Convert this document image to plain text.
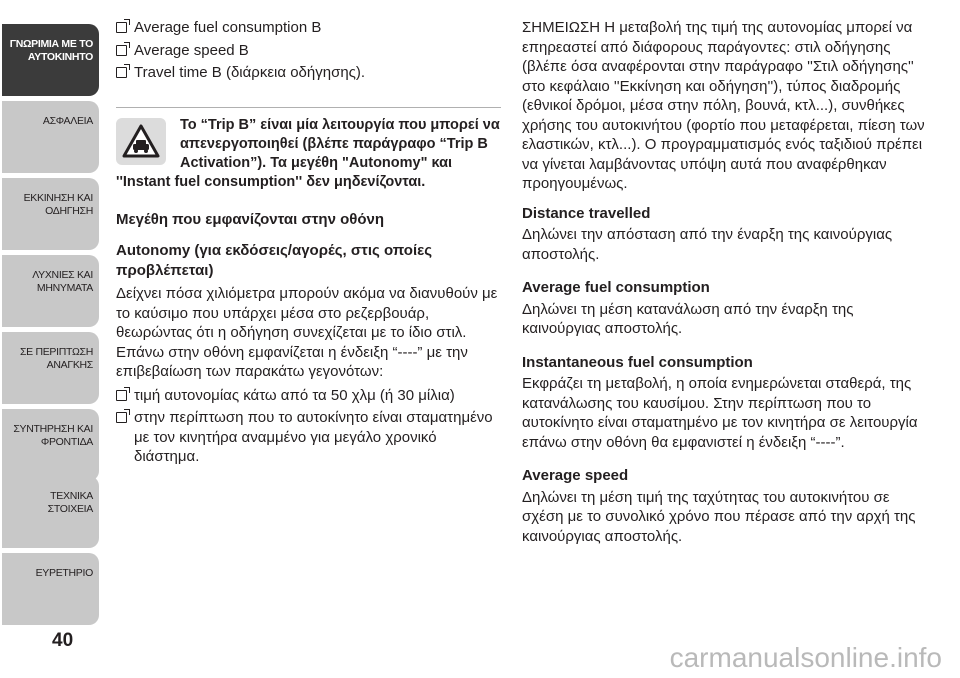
ΓΝΩΡΙΜΙΑ ΜΕ ΤΟ ΑΥΤΟΚΙΝΗΤΟ
ΑΣΦΑΛΕΙΑ
ΕΚΚΙΝΗΣΗ ΚΑΙ ΟΔΗΓΗΣΗ
ΛΥΧΝΙΕΣ ΚΑΙ ΜΗΝΥΜΑΤΑ
ΣΕ ΠΕΡΙΠΤΩΣΗ ΑΝΑΓΚΗΣ
ΣΥΝΤΗΡΗΣΗ ΚΑΙ ΦΡΟΝΤΙΔΑ
ΤΕΧΝΙΚΑ ΣΤΟΙΧΕΙΑ
ΕΥΡΕΤΗΡΙΟ
40
Average fuel consumption B
Average speed B
Travel time B (διάρκεια οδήγησης).
Το “Trip B” είναι μία λειτουργία που μπορεί να απενεργοποιηθεί (βλέπε παράγραφο “Trip B Activation”). Τα μεγέθη "Autonomy" και ''Instant fuel consumption'' δεν μηδενίζονται.
Μεγέθη που εμφανίζονται στην οθόνη
Autonomy (για εκδόσεις/αγορές, στις οποίες προβλέπεται)
Δείχνει πόσα χιλιόμετρα μπορούν ακόμα να διανυθούν με το καύσιμο που υπάρχει μέσα στο ρεζερβουάρ, θεωρώντας ότι η οδήγηση συνεχίζεται με το ίδιο στιλ. Επάνω στην οθόνη εμφανίζεται η ένδειξη “----” με την επιβεβαίωση των παρακάτω γεγονότων:
τιμή αυτονομίας κάτω από τα 50 χλμ (ή 30 μίλια)
στην περίπτωση που το αυτοκίνητο είναι σταματημένο με τον κινητήρα αναμμένο για μεγάλο χρονικό διάστημα.
ΣΗΜΕΙΩΣΗ Η μεταβολή της τιμή της αυτονομίας μπορεί να επηρεαστεί από διάφορους παράγοντες: στιλ οδήγησης (βλέπε όσα αναφέρονται στην παράγραφο ''Στιλ οδήγησης'' στο κεφάλαιο ''Εκκίνηση και οδήγηση''), τύπος διαδρομής (εθνικοί δρόμοι, μέσα στην πόλη, βουνά, κτλ...), συνθήκες χρήσης του αυτοκινήτου (φορτίο που μεταφέρεται, πίεση των ελαστικών, κτλ...). Ο προγραμματισμός ενός ταξιδιού πρέπει να γίνεται λαμβάνοντας υπόψη αυτά που αναφέρθηκαν προηγουμένως.
Distance travelled
Δηλώνει την απόσταση από την έναρξη της καινούργιας αποστολής.
Average fuel consumption
Δηλώνει τη μέση κατανάλωση από την έναρξη της καινούργιας αποστολής.
Instantaneous fuel consumption
Εκφράζει τη μεταβολή, η οποία ενημερώνεται σταθερά, της κατανάλωσης του καυσίμου. Στην περίπτωση που το αυτοκίνητο είναι σταματημένο με τον κινητήρα σε λειτουργία επάνω στην οθόνη θα εμφανιστεί η ένδειξη “----”.
Average speed
Δηλώνει τη μέση τιμή της ταχύτητας του αυτοκινήτου σε σχέση με το συνολικό χρόνο που πέρασε από την αρχή της καινούργιας αποστολής.
carmanualsonline.info
